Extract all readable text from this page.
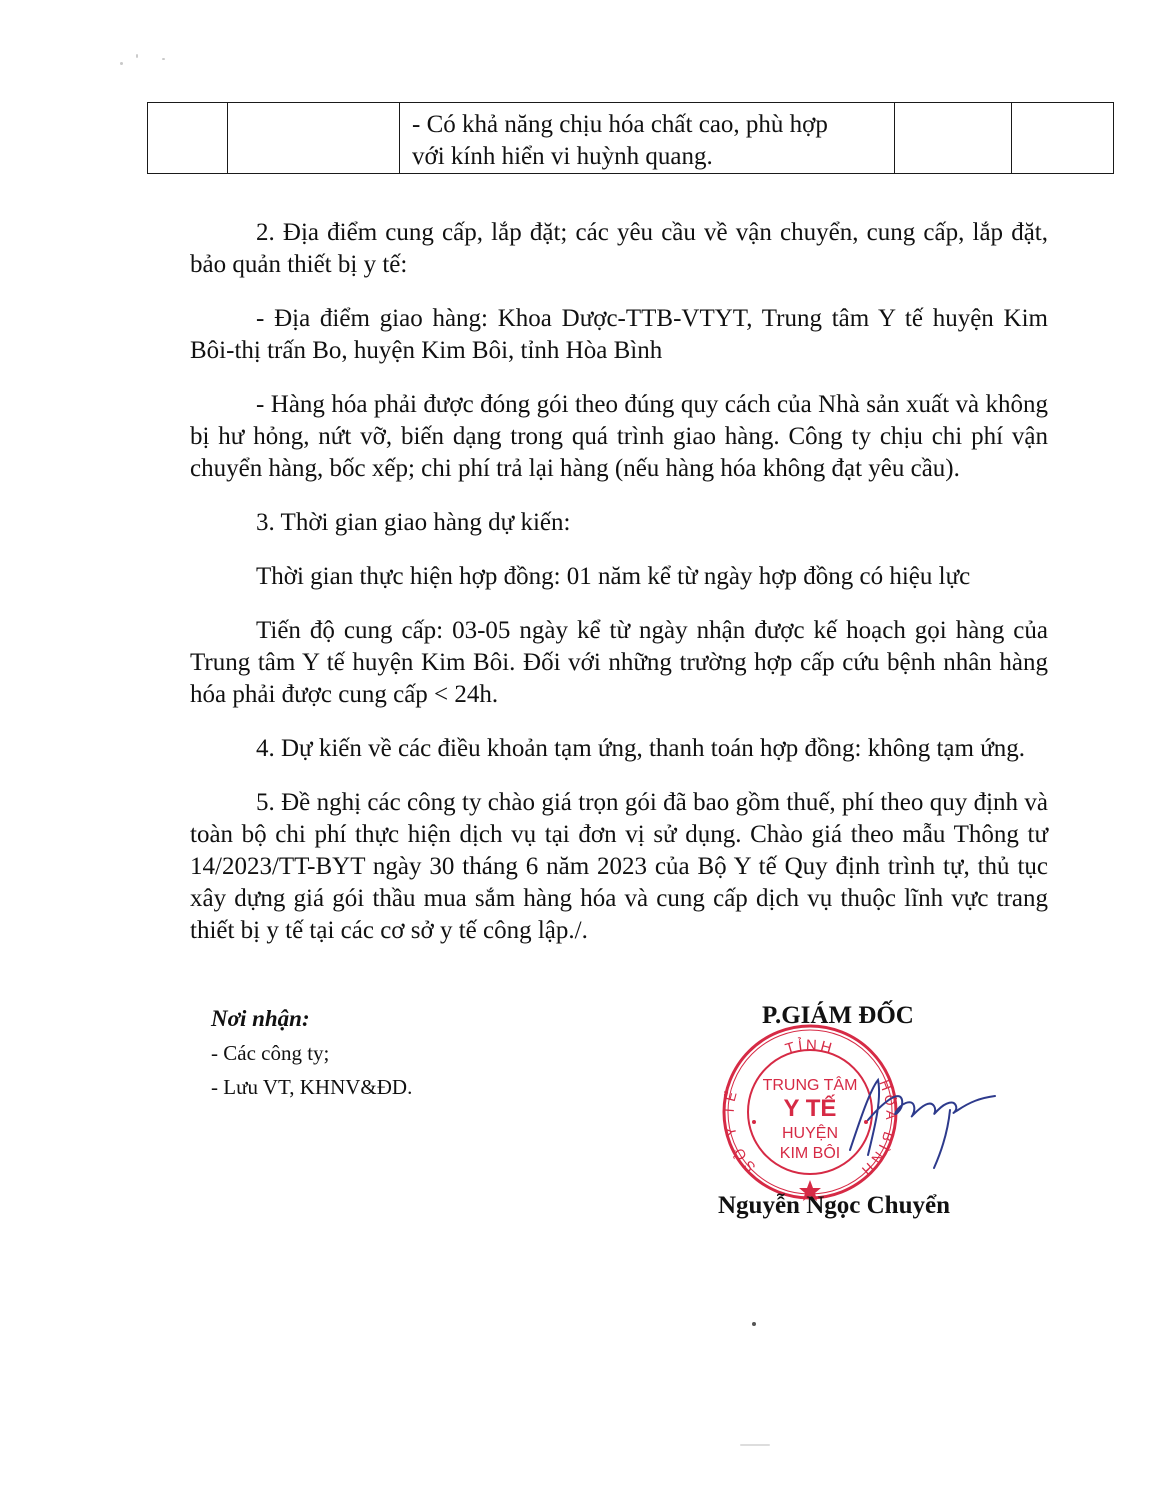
- Có khả năng chịu hóa chất cao, phù hợp
với kính hiển vi huỳnh quang.

2. Địa điểm cung cấp, lắp đặt; các yêu cầu về vận chuyển, cung cấp, lắp đặt, bảo quản thiết bị y tế:

- Địa điểm giao hàng: Khoa Dược-TTB-VTYT, Trung tâm Y tế huyện Kim Bôi-thị trấn Bo, huyện Kim Bôi, tỉnh Hòa Bình

- Hàng hóa phải được đóng gói theo đúng quy cách của Nhà sản xuất và không bị hư hỏng, nứt vỡ, biến dạng trong quá trình giao hàng. Công ty chịu chi phí vận chuyển hàng, bốc xếp; chi phí trả lại hàng (nếu hàng hóa không đạt yêu cầu).

3. Thời gian giao hàng dự kiến:

Thời gian thực hiện hợp đồng: 01 năm kể từ ngày hợp đồng có hiệu lực

Tiến độ cung cấp: 03-05 ngày kể từ ngày nhận được kế hoạch gọi hàng của Trung tâm Y tế huyện Kim Bôi. Đối với những trường hợp cấp cứu bệnh nhân hàng hóa phải được cung cấp < 24h.

4. Dự kiến về các điều khoản tạm ứng, thanh toán hợp đồng: không tạm ứng.

5. Đề nghị các công ty chào giá trọn gói đã bao gồm thuế, phí theo quy định và toàn bộ chi phí thực hiện dịch vụ tại đơn vị sử dụng. Chào giá theo mẫu Thông tư 14/2023/TT-BYT ngày 30 tháng 6 năm 2023 của Bộ Y tế Quy định trình tự, thủ tục xây dựng giá gói thầu mua sắm hàng hóa và cung cấp dịch vụ thuộc lĩnh vực trang thiết bị y tế tại các cơ sở y tế công lập./.

Nơi nhận:
- Các công ty;
- Lưu VT, KHNV&ĐD.
TỈNH
SỞ Y TẾ	HÒA BÌNH
TRUNG TÂM
Y TẾ
HUYỆN
KIM BÔI
P.GIÁM ĐỐC
Nguyễn Ngọc Chuyển
